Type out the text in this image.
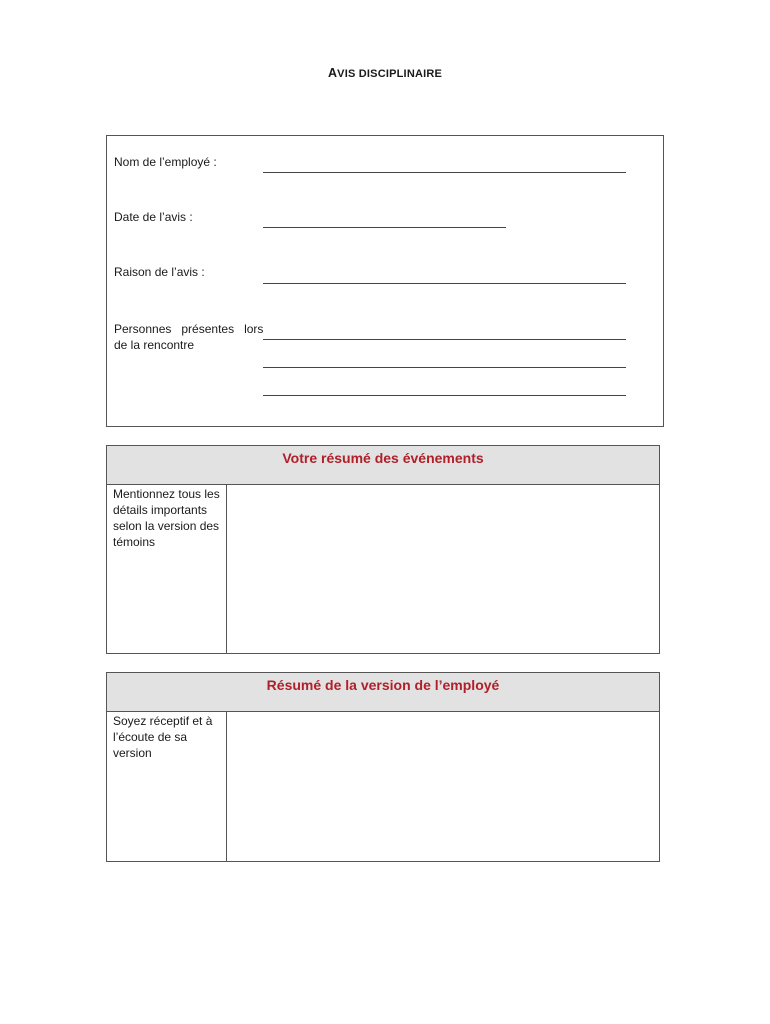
AVIS DISCIPLINAIRE
Nom de l’employé :
Date de l’avis :
Raison de l’avis :
Personnes   présentes   lors
de la rencontre
Votre résumé des événements
Mentionnez tous les détails importants selon la version des témoins
Résumé de la version de l’employé
Soyez réceptif et à l’écoute de sa version
